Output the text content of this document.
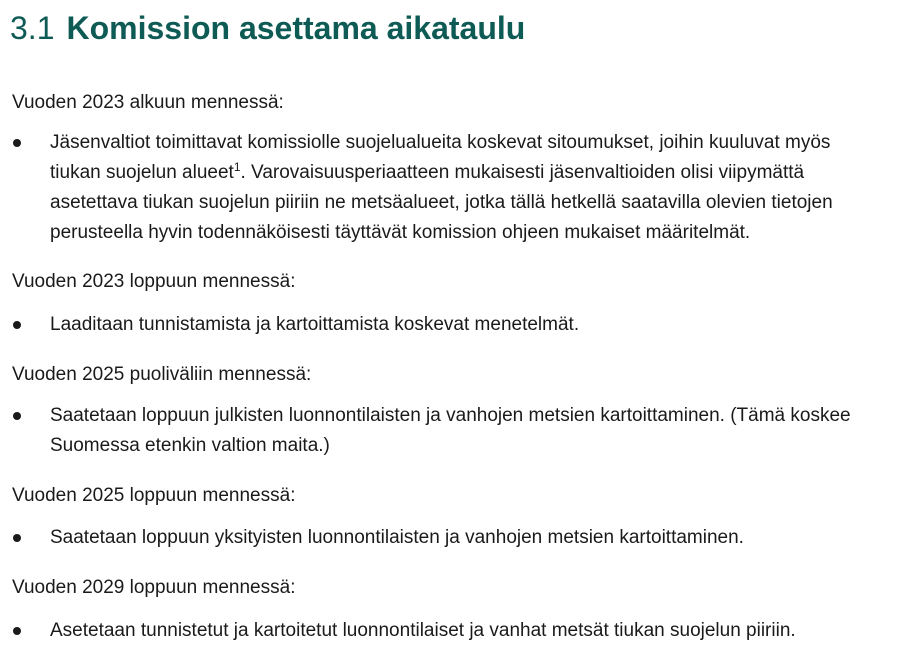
3.1 Komission asettama aikataulu

Vuoden 2023 alkuun mennessä:

Jäsenvaltiot toimittavat komissiolle suojelualueita koskevat sitoumukset, joihin kuuluvat myös
tiukan suojelun alueet$^1$. Varovaisuusperiaatteen mukaisesti jäsenvaltioiden olisi viipymättä
asetettava tiukan suojelun piiriin ne metsäalueet, jotka tällä hetkellä saatavilla olevien tietojen
perusteella hyvin todennäköisesti täyttävät komission ohjeen mukaiset määritelmät.

Vuoden 2023 loppuun mennessä:

Laaditaan tunnistamista ja kartoittamista koskevat menetelmät.

Vuoden 2025 puoliväliin mennessä:

Saatetaan loppuun julkisten luonnontilaisten ja vanhojen metsien kartoittaminen. (Tämä koskee
Suomessa etenkin valtion maita.)

Vuoden 2025 loppuun mennessä:

Saatetaan loppuun yksityisten luonnontilaisten ja vanhojen metsien kartoittaminen.

Vuoden 2029 loppuun mennessä:

Asetetaan tunnistetut ja kartoitetut luonnontilaiset ja vanhat metsät tiukan suojelun piiriin.
